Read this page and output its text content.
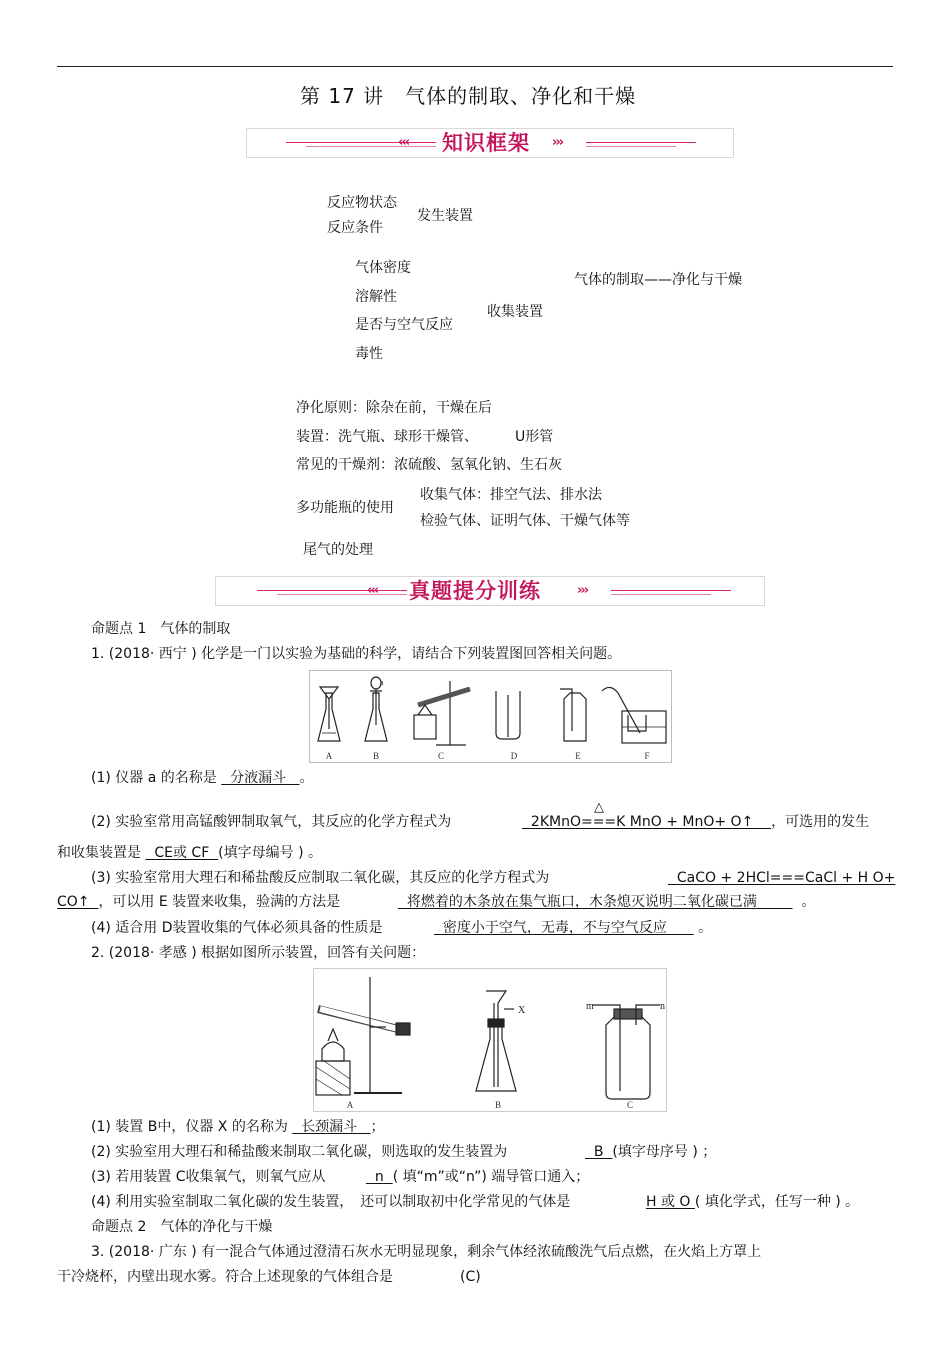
第 17 讲　气体的制取、净化和干燥
‹‹‹ 知识框架 ›››
反应物状态
反应条件
发生装置
气体密度
溶解性
是否与空气反应
毒性
收集装置
气体的制取——净化与干燥
净化原则：除杂在前，干燥在后
装置：洗气瓶、球形干燥管、	U形管
常见的干燥剂：浓硫酸、氢氧化钠、生石灰
多功能瓶的使用
收集气体：排空气法、排水法
检验气体、证明气体、干燥气体等
尾气的处理
‹‹‹ 真题提分训练	›››
命题点 1　气体的制取
1. (2018· 西宁 ) 化学是一门以实验为基础的科学，请结合下列装置图回答相关问题。
a
A	B	C	D	E	F
(1) 仪器 a 的名称是 分液漏斗 。
△
(2) 实验室常用高锰酸钾制取氧气，其反应的化学方程式为	2KMnO===K MnO + MnO+ O↑ ，可选用的发生
和收集装置是 CE或 CF (填字母编号 ) 。
(3) 实验室常用大理石和稀盐酸反应制取二氧化碳，其反应的化学方程式为	CaCO + 2HCl===CaCl + H O+
CO↑ ，可以用 E 装置来收集，验满的方法是	将燃着的木条放在集气瓶口，木条熄灭说明二氧化碳已满	。
(4) 适合用 D装置收集的气体必须具备的性质是	密度小于空气，无毒，不与空气反应 。
2. (2018· 孝感 ) 根据如图所示装置，回答有关问题：
X	m	n
A	B	C
(1) 装置 B中，仪器 X 的名称为 长颈漏斗 ；
(2) 实验室用大理石和稀盐酸来制取二氧化碳，则选取的发生装置为	B (填字母序号 ) ；
(3) 若用装置 C收集氧气，则氧气应从	n ( 填“m”或“n”) 端导管口通入；
(4) 利用实验室制取二氧化碳的发生装置，　还可以制取初中化学常见的气体是	H 或 O ( 填化学式，任写一种 ) 。
命题点 2　气体的净化与干燥
3. (2018· 广东 ) 有一混合气体通过澄清石灰水无明显现象，剩余气体经浓硫酸洗气后点燃，在火焰上方罩上
干冷烧杯，内壁出现水雾。符合上述现象的气体组合是	(C)
